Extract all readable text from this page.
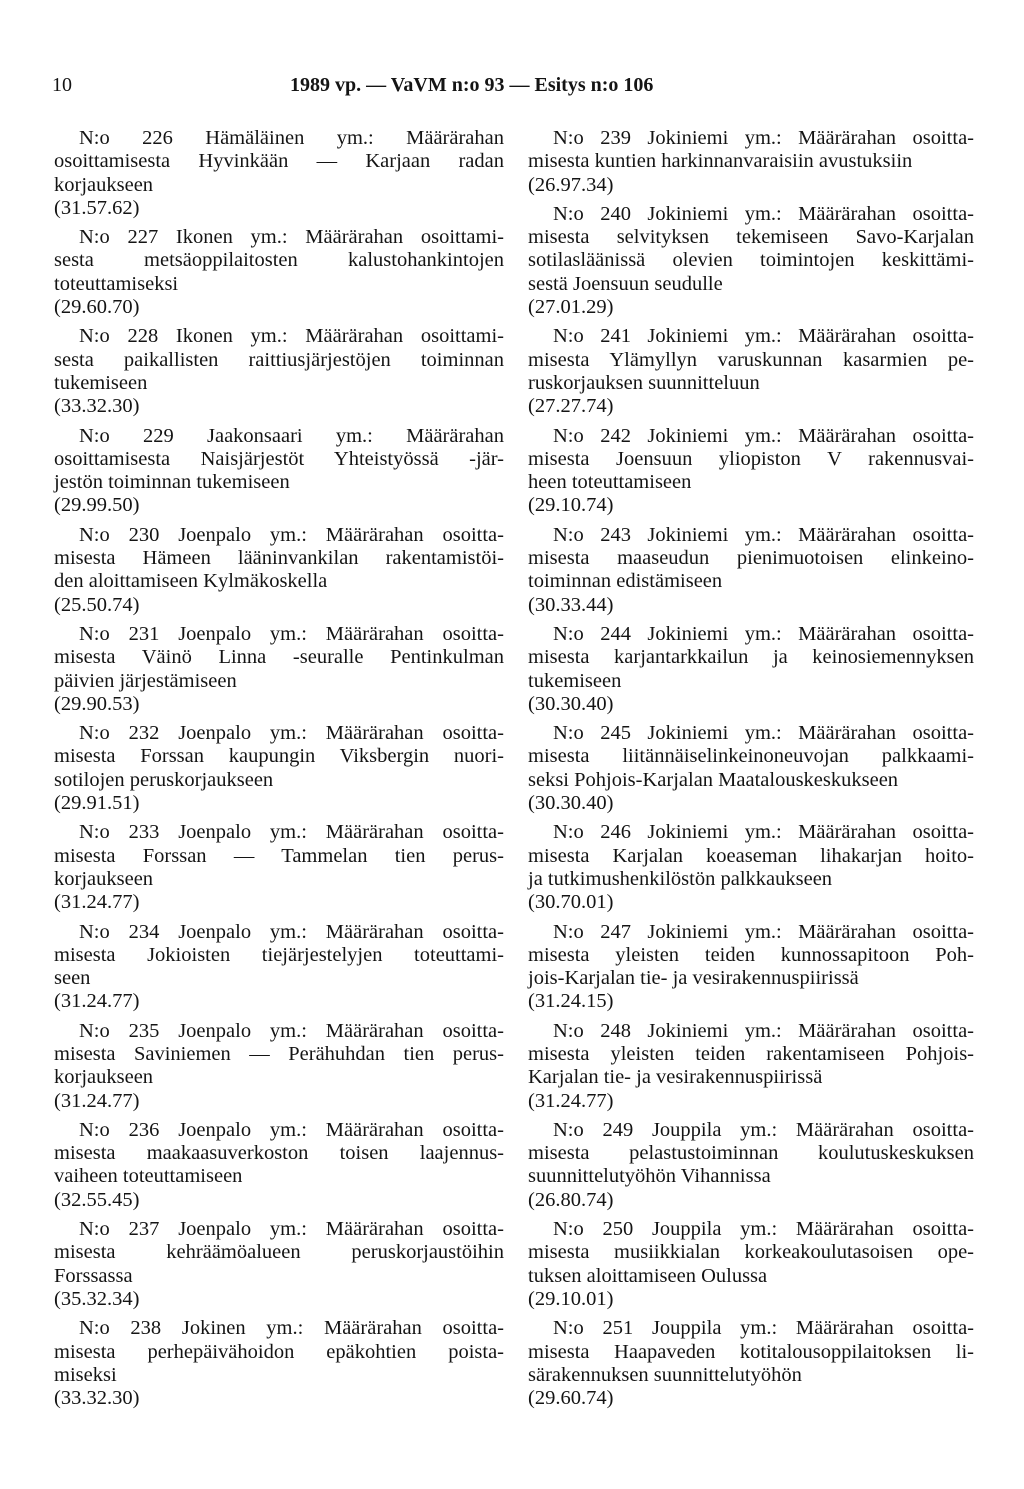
10	1989 vp. — VaVM n:o 93 — Esitys n:o 106
N:o 226 Hämäläinen ym.: Määrärahan
osoittamisesta Hyvinkään — Karjaan radan
korjaukseen
(31.57.62)
N:o 227 Ikonen ym.: Määrärahan osoittami-
sesta metsäoppilaitosten kalustohankintojen
toteuttamiseksi
(29.60.70)
N:o 228 Ikonen ym.: Määrärahan osoittami-
sesta paikallisten raittiusjärjestöjen toiminnan
tukemiseen
(33.32.30)
N:o 229 Jaakonsaari ym.: Määrärahan
osoittamisesta Naisjärjestöt Yhteistyössä -jär-
jestön toiminnan tukemiseen
(29.99.50)
N:o 230 Joenpalo ym.: Määrärahan osoitta-
misesta Hämeen lääninvankilan rakentamistöi-
den aloittamiseen Kylmäkoskella
(25.50.74)
N:o 231 Joenpalo ym.: Määrärahan osoitta-
misesta Väinö Linna -seuralle Pentinkulman
päivien järjestämiseen
(29.90.53)
N:o 232 Joenpalo ym.: Määrärahan osoitta-
misesta Forssan kaupungin Viksbergin nuori-
sotilojen peruskorjaukseen
(29.91.51)
N:o 233 Joenpalo ym.: Määrärahan osoitta-
misesta Forssan — Tammelan tien perus-
korjaukseen
(31.24.77)
N:o 234 Joenpalo ym.: Määrärahan osoitta-
misesta Jokioisten tiejärjestelyjen toteuttami-
seen
(31.24.77)
N:o 235 Joenpalo ym.: Määrärahan osoitta-
misesta Saviniemen — Perähuhdan tien perus-
korjaukseen
(31.24.77)
N:o 236 Joenpalo ym.: Määrärahan osoitta-
misesta maakaasuverkoston toisen laajennus-
vaiheen toteuttamiseen
(32.55.45)
N:o 237 Joenpalo ym.: Määrärahan osoitta-
misesta kehräämöalueen peruskorjaustöihin
Forssassa
(35.32.34)
N:o 238 Jokinen ym.: Määrärahan osoitta-
misesta perhepäivähoidon epäkohtien poista-
miseksi
(33.32.30)
N:o 239 Jokiniemi ym.: Määrärahan osoitta-
misesta kuntien harkinnanvaraisiin avustuksiin
(26.97.34)
N:o 240 Jokiniemi ym.: Määrärahan osoitta-
misesta selvityksen tekemiseen Savo-Karjalan
sotilasläänissä olevien toimintojen keskittämi-
sestä Joensuun seudulle
(27.01.29)
N:o 241 Jokiniemi ym.: Määrärahan osoitta-
misesta Ylämyllyn varuskunnan kasarmien pe-
ruskorjauksen suunnitteluun
(27.27.74)
N:o 242 Jokiniemi ym.: Määrärahan osoitta-
misesta Joensuun yliopiston V rakennusvai-
heen toteuttamiseen
(29.10.74)
N:o 243 Jokiniemi ym.: Määrärahan osoitta-
misesta maaseudun pienimuotoisen elinkeino-
toiminnan edistämiseen
(30.33.44)
N:o 244 Jokiniemi ym.: Määrärahan osoitta-
misesta karjantarkkailun ja keinosiemennyksen
tukemiseen
(30.30.40)
N:o 245 Jokiniemi ym.: Määrärahan osoitta-
misesta liitännäiselinkeinoneuvojan palkkaami-
seksi Pohjois-Karjalan Maatalouskeskukseen
(30.30.40)
N:o 246 Jokiniemi ym.: Määrärahan osoitta-
misesta Karjalan koeaseman lihakarjan hoito-
ja tutkimushenkilöstön palkkaukseen
(30.70.01)
N:o 247 Jokiniemi ym.: Määrärahan osoitta-
misesta yleisten teiden kunnossapitoon Poh-
jois-Karjalan tie- ja vesirakennuspiirissä
(31.24.15)
N:o 248 Jokiniemi ym.: Määrärahan osoitta-
misesta yleisten teiden rakentamiseen Pohjois-
Karjalan tie- ja vesirakennuspiirissä
(31.24.77)
N:o 249 Jouppila ym.: Määrärahan osoitta-
misesta pelastustoiminnan koulutuskeskuksen
suunnittelutyöhön Vihannissa
(26.80.74)
N:o 250 Jouppila ym.: Määrärahan osoitta-
misesta musiikkialan korkeakoulutasoisen ope-
tuksen aloittamiseen Oulussa
(29.10.01)
N:o 251 Jouppila ym.: Määrärahan osoitta-
misesta Haapaveden kotitalousoppilaitoksen li-
särakennuksen suunnittelutyöhön
(29.60.74)
